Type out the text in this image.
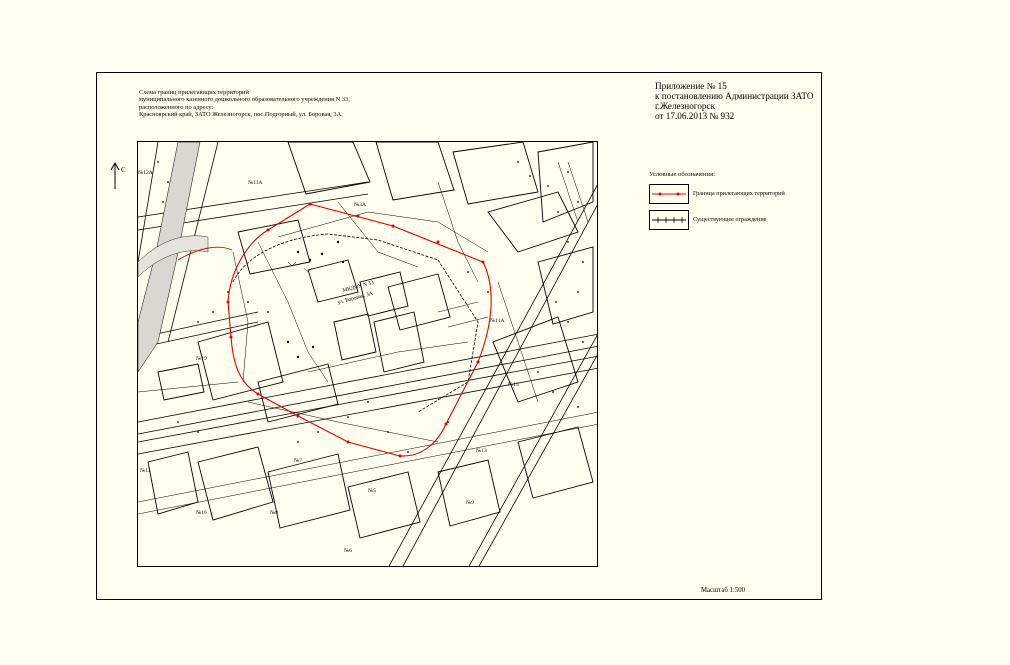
Схема границ прилегающих территорий
муниципального казенного дошкольного образовательного учреждения N 33,
расположенного по адресу:
Красноярский край, ЗАТО Железногорск, пос.Подгорный, ул. Боровая, 3А.
Приложение № 15
к постановлению Администрации ЗАТО
г.Железногорск
от 17.06.2013 № 932
С
МКДОУ N 33
ул. Боровая, 3А
№3А
№12А
№11А
№11А
№19
№15
№13
№7
№5
№11
№16	№8
№6
№9
Условные обозначения:
Граница прилегающих территорий
Существующее ограждение
Масштаб 1:500
